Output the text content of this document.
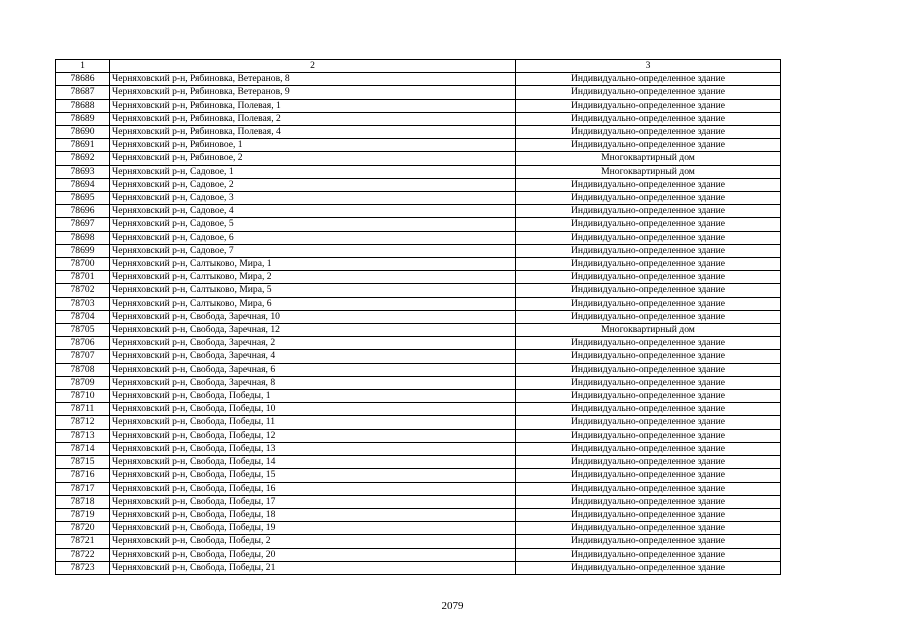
1	2	3
78686	Черняховский р-н, Рябиновка, Ветеранов, 8	Индивидуально-определенное здание
78687	Черняховский р-н, Рябиновка, Ветеранов, 9	Индивидуально-определенное здание
78688	Черняховский р-н, Рябиновка, Полевая, 1	Индивидуально-определенное здание
78689	Черняховский р-н, Рябиновка, Полевая, 2	Индивидуально-определенное здание
78690	Черняховский р-н, Рябиновка, Полевая, 4	Индивидуально-определенное здание
78691	Черняховский р-н, Рябиновое, 1	Индивидуально-определенное здание
78692	Черняховский р-н, Рябиновое, 2	Многоквартирный дом
78693	Черняховский р-н, Садовое, 1	Многоквартирный дом
78694	Черняховский р-н, Садовое, 2	Индивидуально-определенное здание
78695	Черняховский р-н, Садовое, 3	Индивидуально-определенное здание
78696	Черняховский р-н, Садовое, 4	Индивидуально-определенное здание
78697	Черняховский р-н, Садовое, 5	Индивидуально-определенное здание
78698	Черняховский р-н, Садовое, 6	Индивидуально-определенное здание
78699	Черняховский р-н, Садовое, 7	Индивидуально-определенное здание
78700	Черняховский р-н, Салтыково, Мира, 1	Индивидуально-определенное здание
78701	Черняховский р-н, Салтыково, Мира, 2	Индивидуально-определенное здание
78702	Черняховский р-н, Салтыково, Мира, 5	Индивидуально-определенное здание
78703	Черняховский р-н, Салтыково, Мира, 6	Индивидуально-определенное здание
78704	Черняховский р-н, Свобода, Заречная, 10	Индивидуально-определенное здание
78705	Черняховский р-н, Свобода, Заречная, 12	Многоквартирный дом
78706	Черняховский р-н, Свобода, Заречная, 2	Индивидуально-определенное здание
78707	Черняховский р-н, Свобода, Заречная, 4	Индивидуально-определенное здание
78708	Черняховский р-н, Свобода, Заречная, 6	Индивидуально-определенное здание
78709	Черняховский р-н, Свобода, Заречная, 8	Индивидуально-определенное здание
78710	Черняховский р-н, Свобода, Победы, 1	Индивидуально-определенное здание
78711	Черняховский р-н, Свобода, Победы, 10	Индивидуально-определенное здание
78712	Черняховский р-н, Свобода, Победы, 11	Индивидуально-определенное здание
78713	Черняховский р-н, Свобода, Победы, 12	Индивидуально-определенное здание
78714	Черняховский р-н, Свобода, Победы, 13	Индивидуально-определенное здание
78715	Черняховский р-н, Свобода, Победы, 14	Индивидуально-определенное здание
78716	Черняховский р-н, Свобода, Победы, 15	Индивидуально-определенное здание
78717	Черняховский р-н, Свобода, Победы, 16	Индивидуально-определенное здание
78718	Черняховский р-н, Свобода, Победы, 17	Индивидуально-определенное здание
78719	Черняховский р-н, Свобода, Победы, 18	Индивидуально-определенное здание
78720	Черняховский р-н, Свобода, Победы, 19	Индивидуально-определенное здание
78721	Черняховский р-н, Свобода, Победы, 2	Индивидуально-определенное здание
78722	Черняховский р-н, Свобода, Победы, 20	Индивидуально-определенное здание
78723	Черняховский р-н, Свобода, Победы, 21	Индивидуально-определенное здание
2079
